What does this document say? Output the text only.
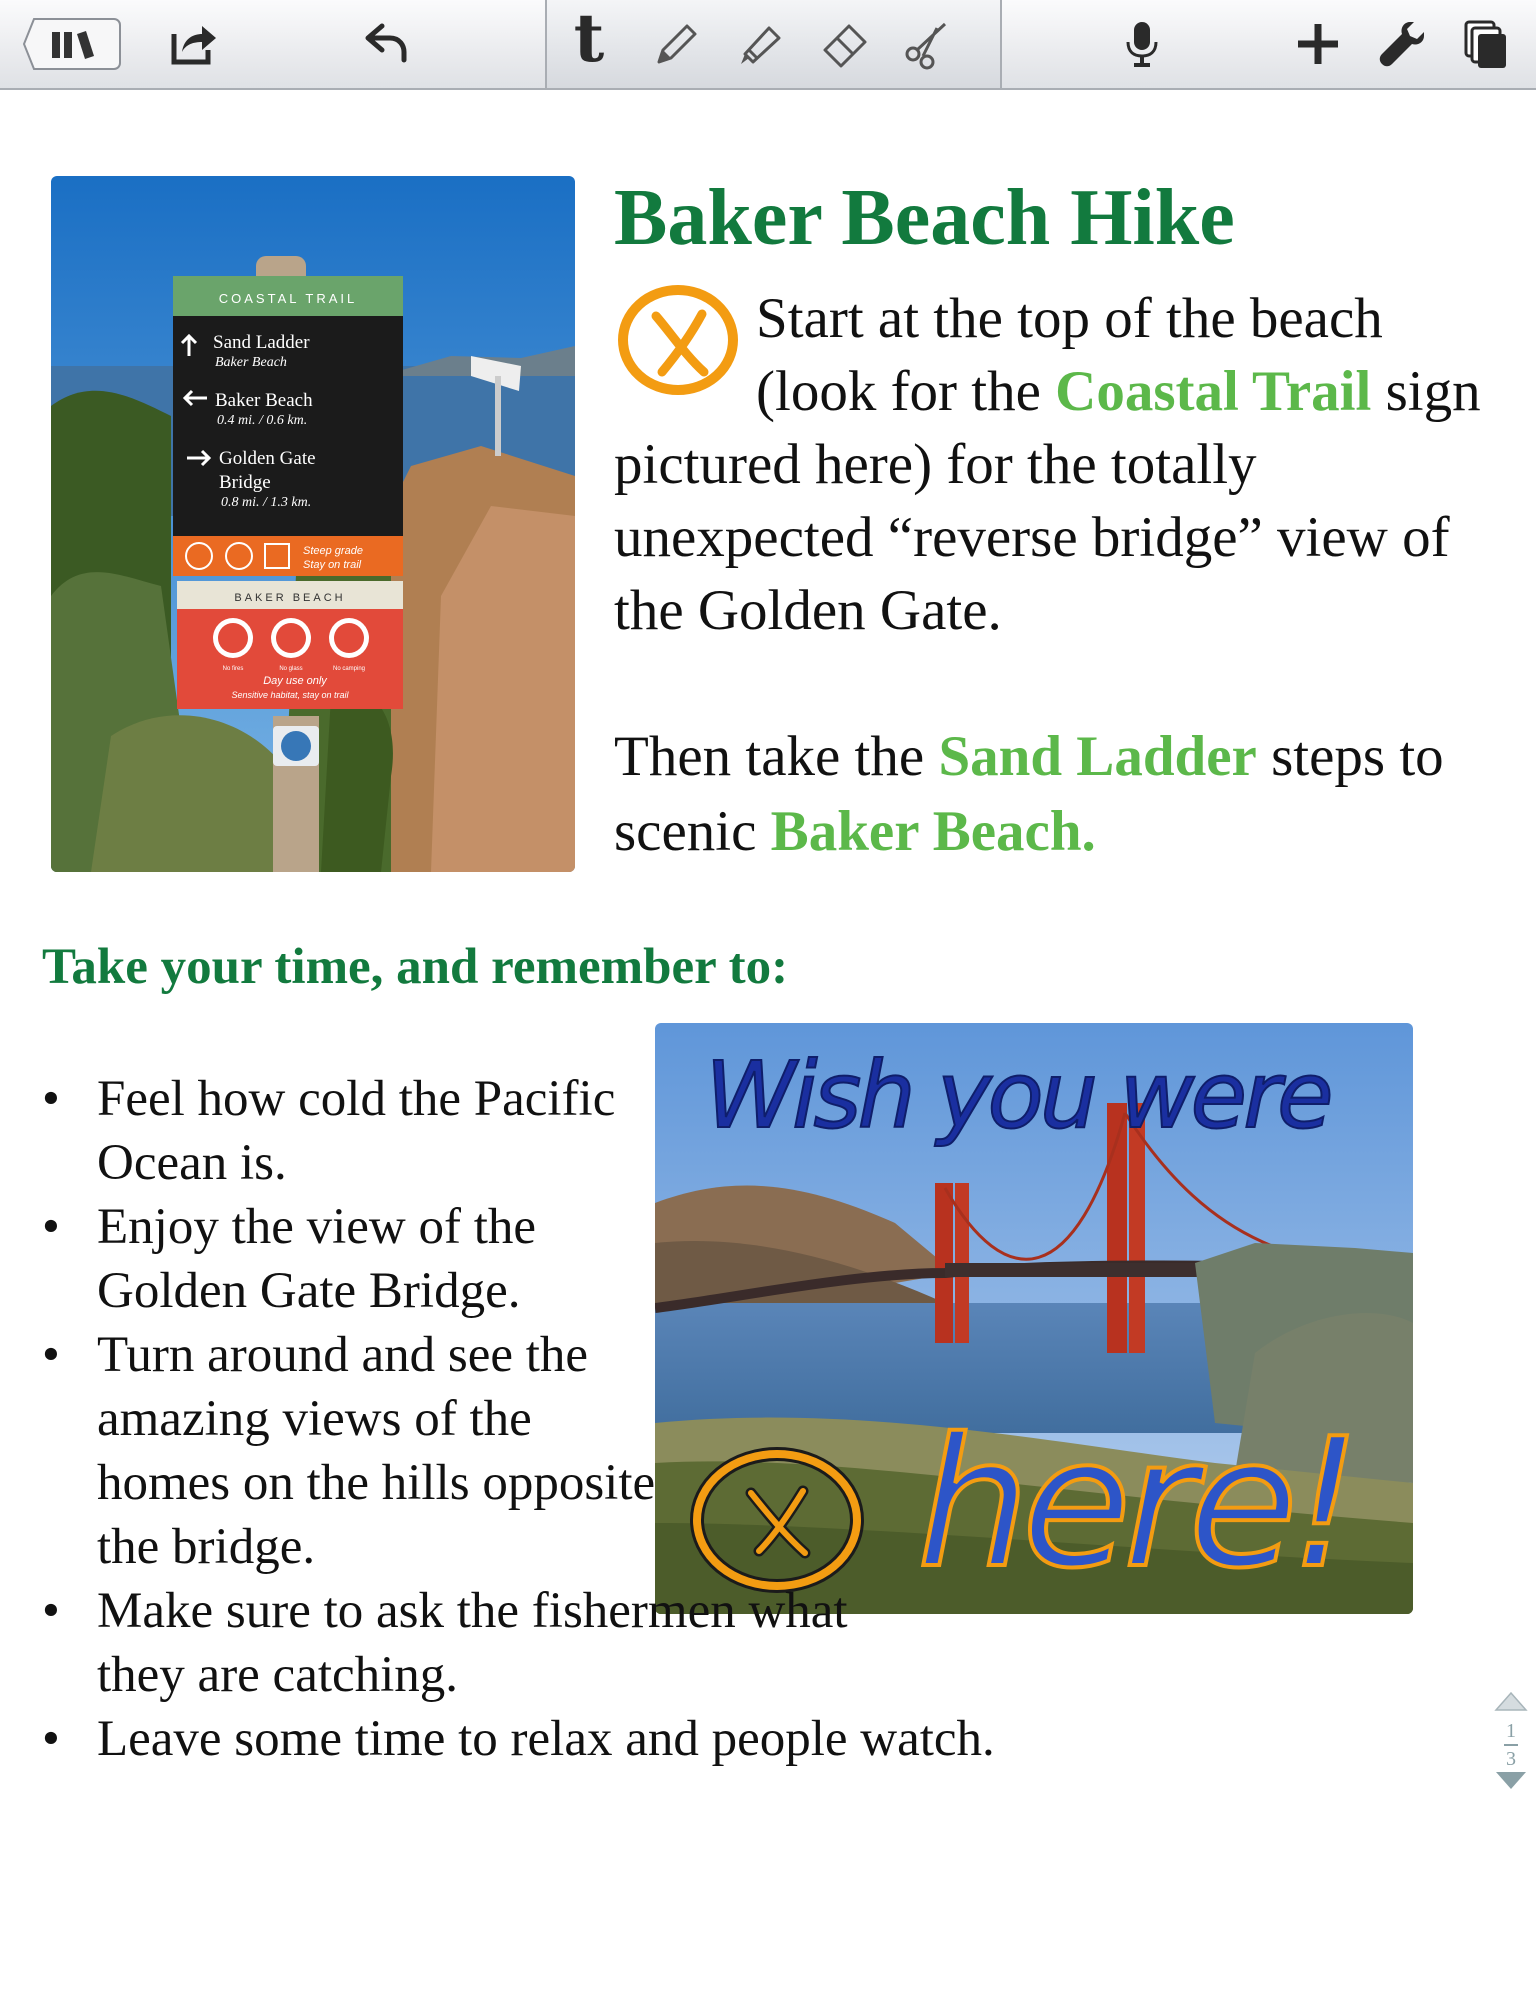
t
COASTAL TRAIL
Sand Ladder
Baker Beach
Baker Beach
0.4 mi. / 0.6 km.
Golden Gate
Bridge
0.8 mi. / 1.3 km.
Steep grade
Stay on trail
BAKER BEACH
No fires	No glass	No camping
Day use only
Sensitive habitat, stay on trail
Baker Beach Hike

Start at the top of the beach (look for the Coastal Trail sign pictured here) for the totally unexpected “reverse bridge” view of the Golden Gate.

Then take the Sand Ladder steps to scenic Baker Beach.

Take your time, and remember to:
Wish you were
here!
• Feel how cold the Pacific Ocean is.
• Enjoy the view of the Golden Gate Bridge.
• Turn around and see the amazing views of the homes on the hills opposite the bridge.
• Make sure to ask the fishermen what they are catching.
• Leave some time to relax and people watch.	1
3
